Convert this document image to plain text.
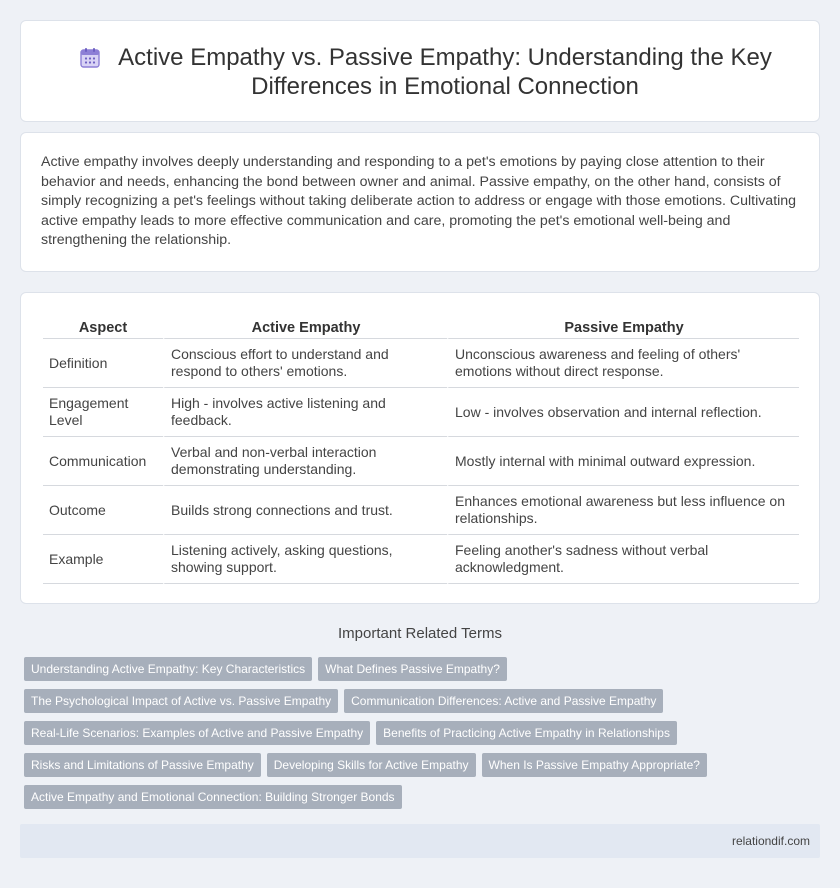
Active Empathy vs. Passive Empathy: Understanding the Key Differences in Emotional Connection

Active empathy involves deeply understanding and responding to a pet's emotions by paying close attention to their behavior and needs, enhancing the bond between owner and animal. Passive empathy, on the other hand, consists of simply recognizing a pet's feelings without taking deliberate action to address or engage with those emotions. Cultivating active empathy leads to more effective communication and care, promoting the pet's emotional well-being and strengthening the relationship.

Aspect	Active Empathy	Passive Empathy
Definition	Conscious effort to understand and respond to others' emotions.	Unconscious awareness and feeling of others' emotions without direct response.
Engagement Level	High - involves active listening and feedback.	Low - involves observation and internal reflection.
Communication	Verbal and non-verbal interaction demonstrating understanding.	Mostly internal with minimal outward expression.
Outcome	Builds strong connections and trust.	Enhances emotional awareness but less influence on relationships.
Example	Listening actively, asking questions, showing support.	Feeling another's sadness without verbal acknowledgment.
Important Related Terms
Understanding Active Empathy: Key Characteristics What Defines Passive Empathy?
The Psychological Impact of Active vs. Passive Empathy Communication Differences: Active and Passive Empathy
Real-Life Scenarios: Examples of Active and Passive Empathy Benefits of Practicing Active Empathy in Relationships
Risks and Limitations of Passive Empathy Developing Skills for Active Empathy When Is Passive Empathy Appropriate?
Active Empathy and Emotional Connection: Building Stronger Bonds
relationdif.com
